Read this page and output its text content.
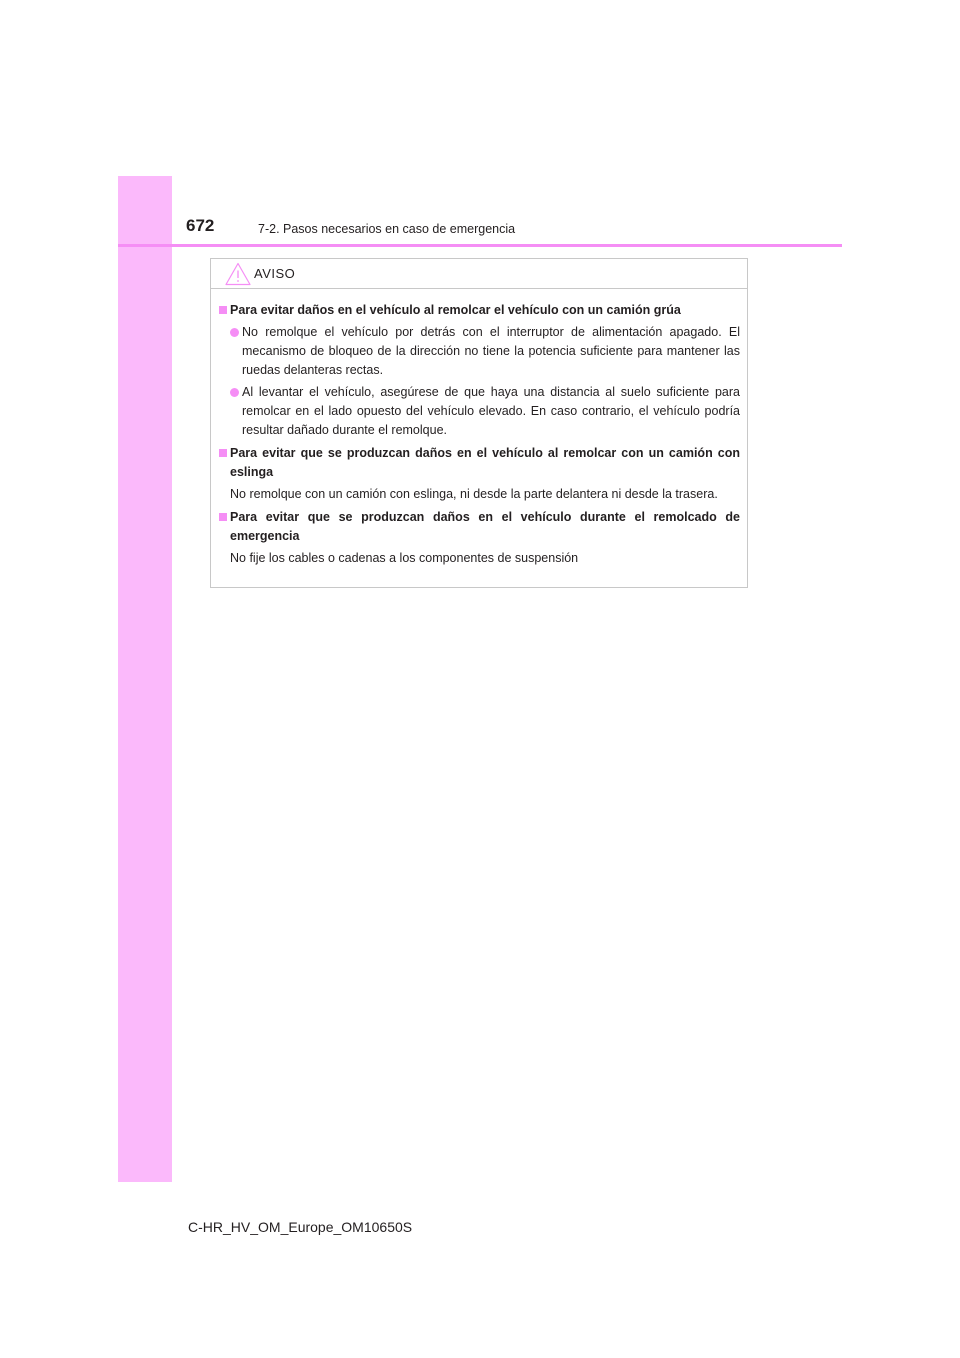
672	7-2. Pasos necesarios en caso de emergencia
AVISO
Para evitar daños en el vehículo al remolcar el vehículo con un camión grúa
No remolque el vehículo por detrás con el interruptor de alimentación apagado. El mecanismo de bloqueo de la dirección no tiene la potencia suficiente para mantener las ruedas delanteras rectas.
Al levantar el vehículo, asegúrese de que haya una distancia al suelo suficiente para remolcar en el lado opuesto del vehículo elevado. En caso contrario, el vehículo podría resultar dañado durante el remolque.
Para evitar que se produzcan daños en el vehículo al remolcar con un camión con eslinga
No remolque con un camión con eslinga, ni desde la parte delantera ni desde la trasera.
Para evitar que se produzcan daños en el vehículo durante el remolcado de emergencia
No fije los cables o cadenas a los componentes de suspensión
C-HR_HV_OM_Europe_OM10650S
